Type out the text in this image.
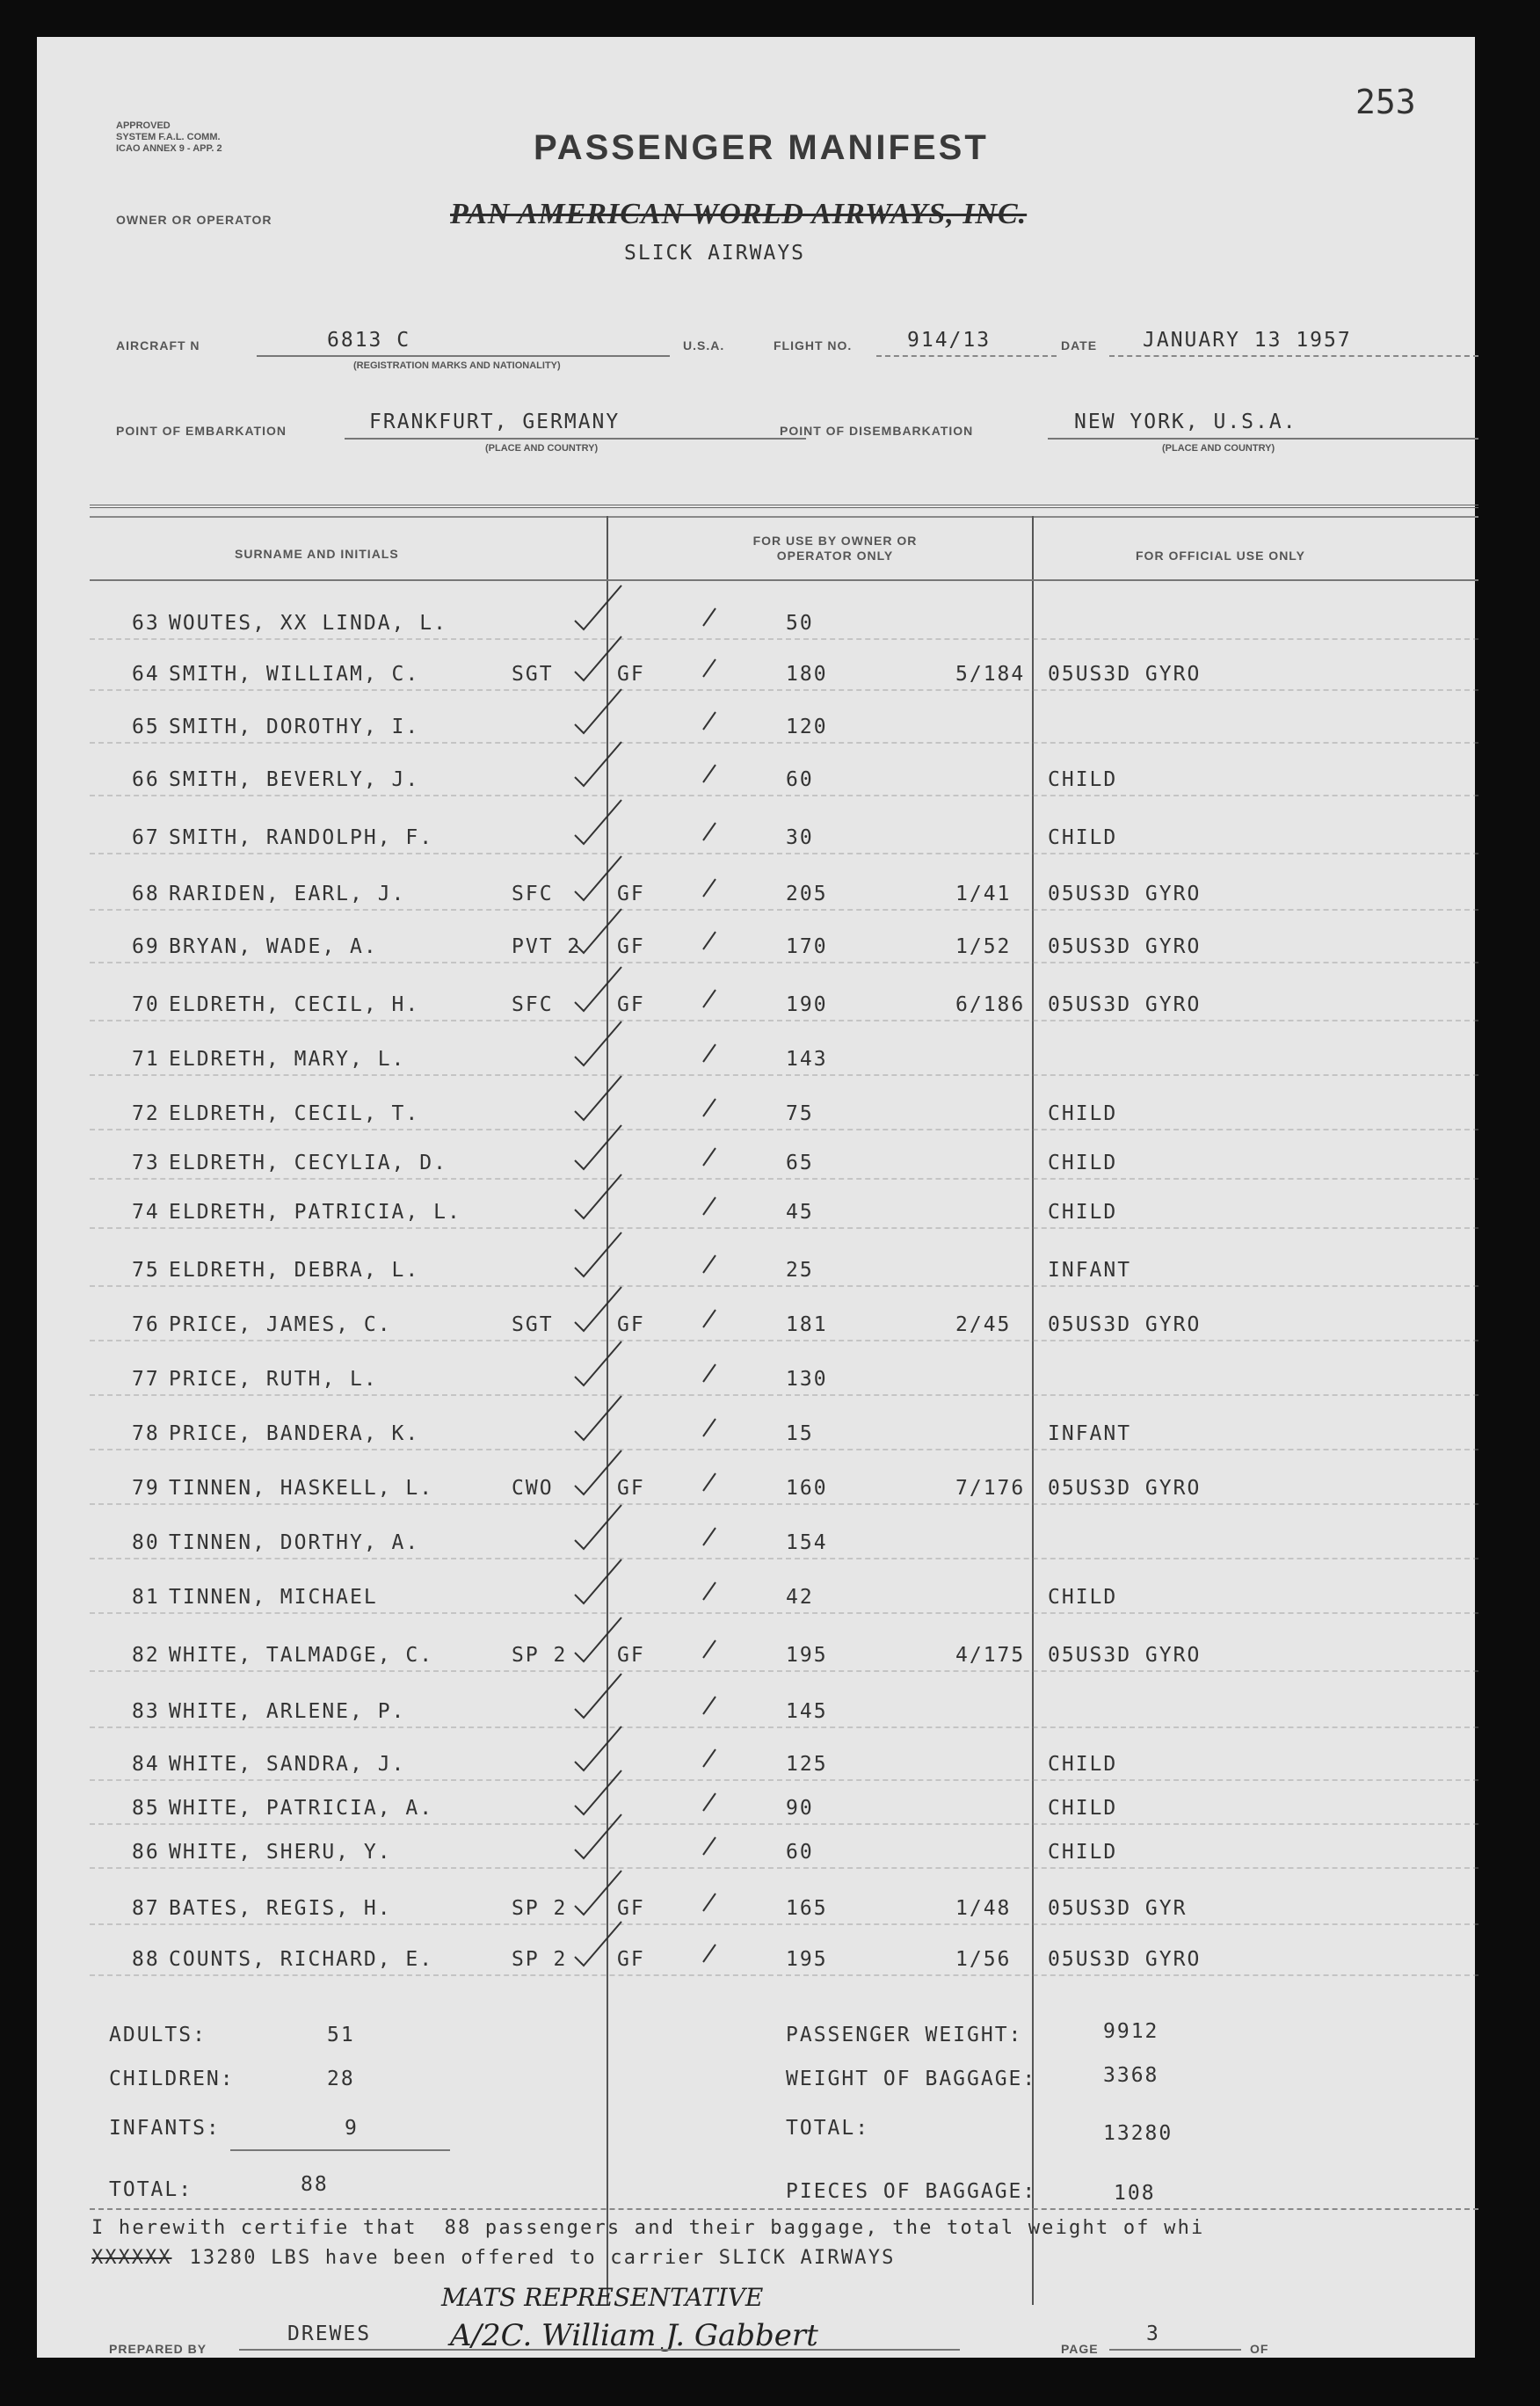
253
APPROVED
SYSTEM F.A.L. COMM.
ICAO ANNEX 9 - APP. 2	PASSENGER MANIFEST
OWNER OR OPERATOR	PAN AMERICAN WORLD AIRWAYS, INC.
SLICK AIRWAYS
AIRCRAFT N	6813 C
(REGISTRATION MARKS AND NATIONALITY)
U.S.A.	FLIGHT NO.	914/13	DATE JANUARY 13 1957
POINT OF EMBARKATION	FRANKFURT, GERMANY
(PLACE AND COUNTRY)
POINT OF DISEMBARKATION	NEW YORK, U.S.A.
(PLACE AND COUNTRY)
SURNAME AND INITIALS
FOR USE BY OWNER OR OPERATOR ONLY	FOR OFFICIAL USE ONLY
63 WOUTES, XX LINDA, L.	50
64 SMITH, WILLIAM, C.	SGT	GF	180	5/184 05US3D GYRO
65 SMITH, DOROTHY, I.	120
66 SMITH, BEVERLY, J.	60	CHILD
67 SMITH, RANDOLPH, F.	30	CHILD
68 RARIDEN, EARL, J.	SFC	GF	205	1/41 05US3D GYRO
69 BRYAN, WADE, A.	PVT 2 GF	170	1/52 05US3D GYRO
70 ELDRETH, CECIL, H.	SFC	GF	190	6/186 05US3D GYRO
71 ELDRETH, MARY, L.	143
72 ELDRETH, CECIL, T.	75	CHILD
73 ELDRETH, CECYLIA, D.	65	CHILD
74 ELDRETH, PATRICIA, L.	45	CHILD
75 ELDRETH, DEBRA, L.	25	INFANT
76 PRICE, JAMES, C.	SGT	GF	181	2/45 05US3D GYRO
77 PRICE, RUTH, L.	130
78 PRICE, BANDERA, K.	15	INFANT
79 TINNEN, HASKELL, L.	CWO	GF	160	7/176 05US3D GYRO
80 TINNEN, DORTHY, A.	154
81 TINNEN, MICHAEL	42	CHILD
82 WHITE, TALMADGE, C.	SP 2 GF	195	4/175 05US3D GYRO
83 WHITE, ARLENE, P.	145
84 WHITE, SANDRA, J.	125	CHILD
85 WHITE, PATRICIA, A.	90	CHILD
86 WHITE, SHERU, Y.	60	CHILD
87 BATES, REGIS, H.	SP 2 GF	165	1/48 05US3D GYR
88 COUNTS, RICHARD, E.	SP 2 GF	195	1/56 05US3D GYRO
ADULTS:	51
CHILDREN:	28
INFANTS:	9
TOTAL:	88
PASSENGER WEIGHT:	9912
WEIGHT OF BAGGAGE:	3368
TOTAL:	13280
PIECES OF BAGGAGE:	108
I herewith certifie that  88 passengers and their baggage, the total weight of whi
XXXXXX 13280 LBS have been offered to carrier SLICK AIRWAYS
MATS REPRESENTATIVE
A/2C. William J. Gabbert
PREPARED BY
DREWES
PAGE
3
OF
